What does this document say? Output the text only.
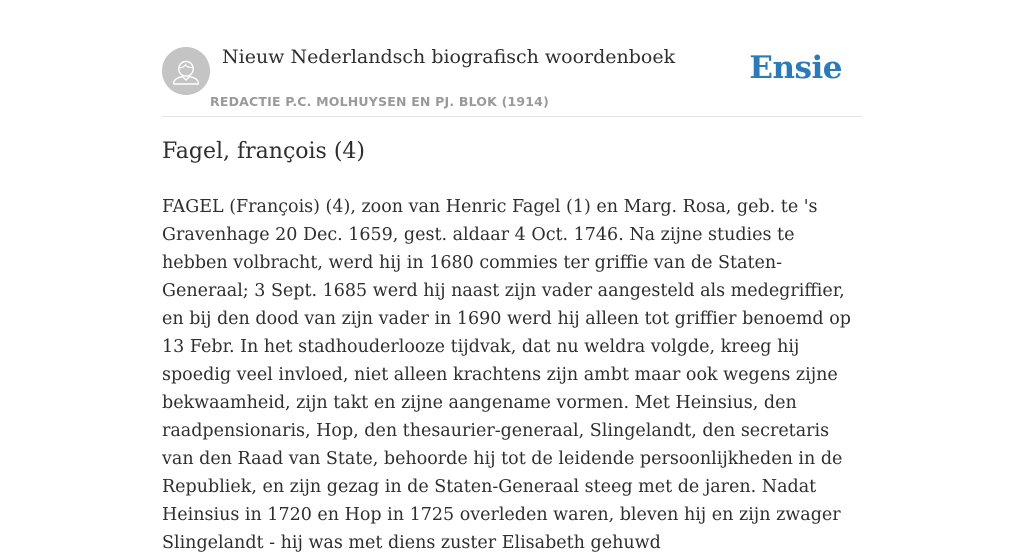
Nieuw Nederlandsch biografisch woordenboek
REDACTIE P.C. MOLHUYSEN EN PJ. BLOK (1914)
Ensie
Fagel, françois (4)

FAGEL (François) (4), zoon van Henric Fagel (1) en Marg. Rosa, geb. te 's Gravenhage 20 Dec. 1659, gest. aldaar 4 Oct. 1746. Na zijne studies te hebben volbracht, werd hij in 1680 commies ter griffie van de Staten-Generaal; 3 Sept. 1685 werd hij naast zijn vader aangesteld als medegriffier, en bij den dood van zijn vader in 1690 werd hij alleen tot griffier benoemd op 13 Febr. In het stadhouderlooze tijdvak, dat nu weldra volgde, kreeg hij spoedig veel invloed, niet alleen krachtens zijn ambt maar ook wegens zijne bekwaamheid, zijn takt en zijne aangename vormen. Met Heinsius, den raadpensionaris, Hop, den thesaurier-generaal, Slingelandt, den secretaris van den Raad van State, behoorde hij tot de leidende persoonlijkheden in de Republiek, en zijn gezag in de Staten-Generaal steeg met de jaren. Nadat Heinsius in 1720 en Hop in 1725 overleden waren, bleven hij en zijn zwager Slingelandt - hij was met diens zuster Elisabeth gehuwd
